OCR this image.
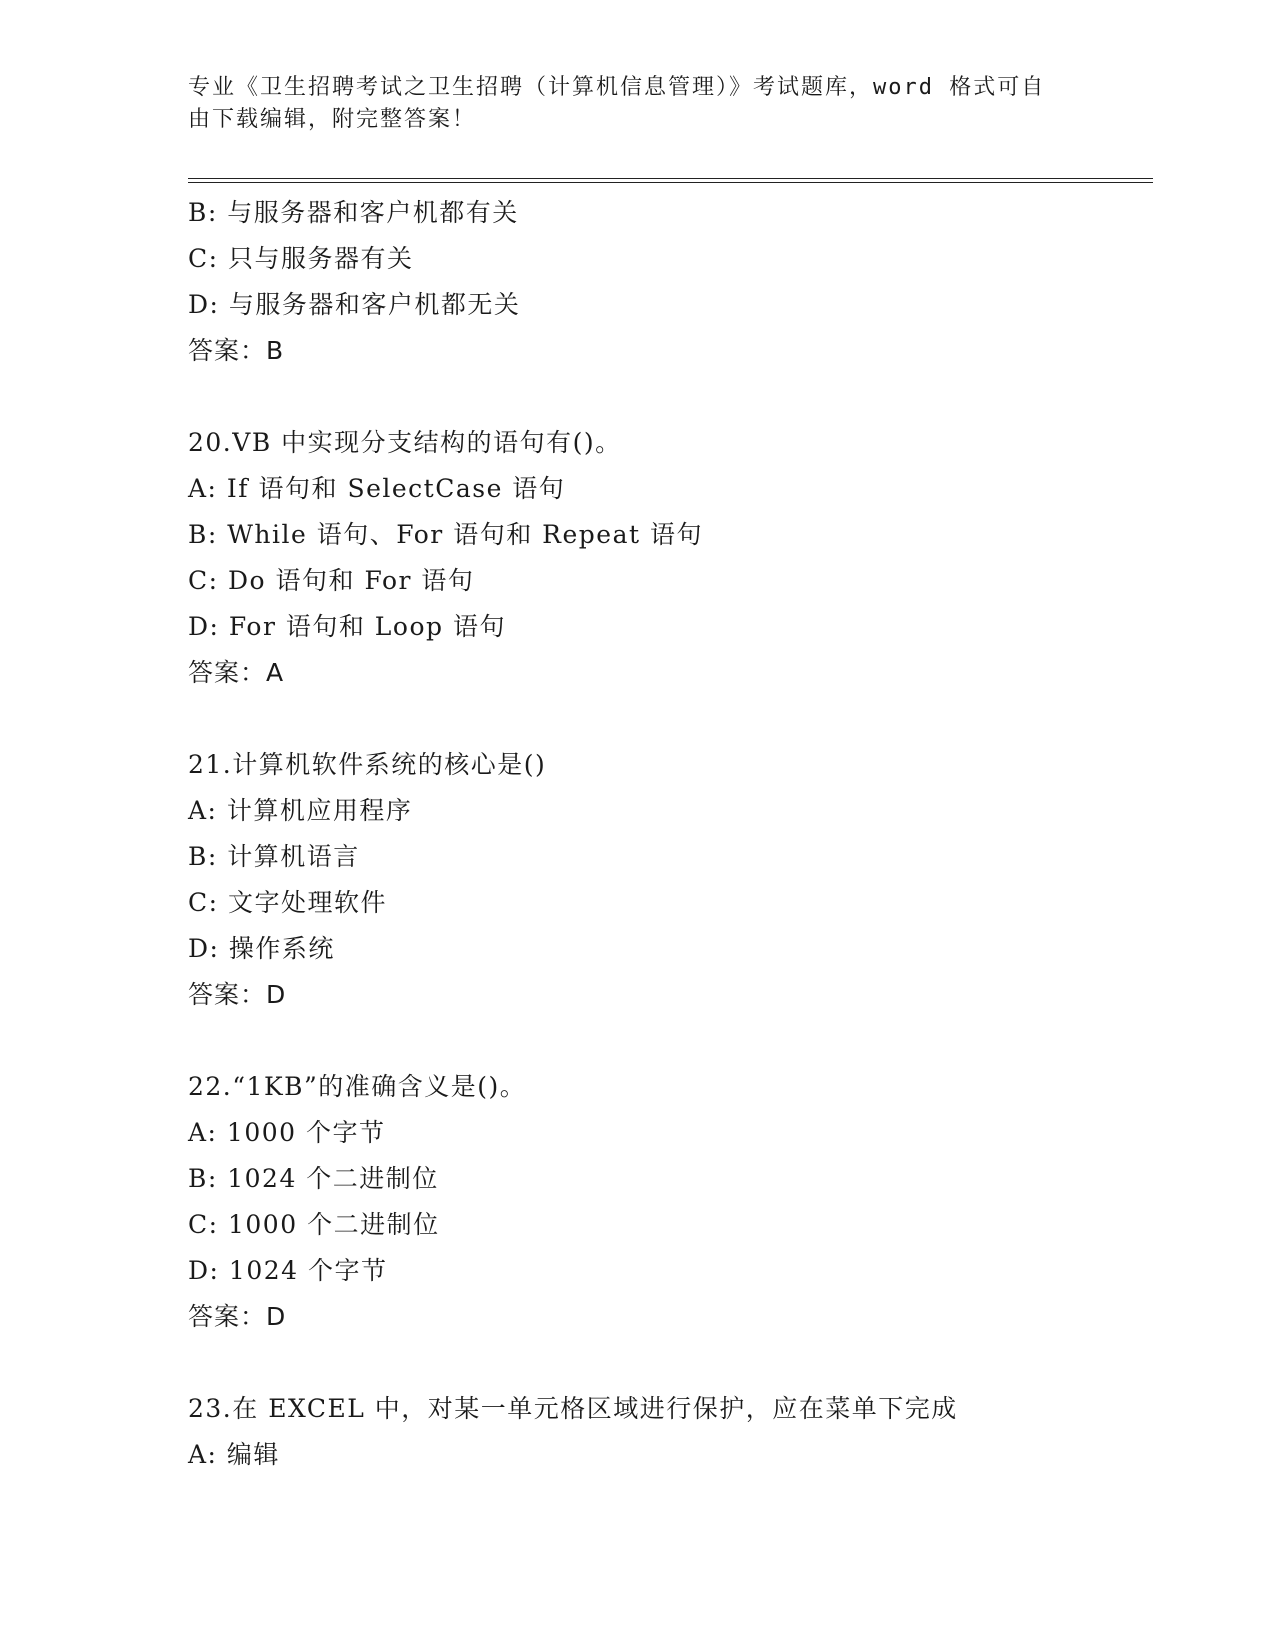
专业《卫生招聘考试之卫生招聘（计算机信息管理）》考试题库，word 格式可自
由下载编辑，附完整答案！
B: 与服务器和客户机都有关
C: 只与服务器有关
D: 与服务器和客户机都无关
答案：B
20.VB 中实现分支结构的语句有()。
A: If 语句和 SelectCase 语句
B: While 语句、For 语句和 Repeat 语句
C: Do 语句和 For 语句
D: For 语句和 Loop 语句
答案：A
21.计算机软件系统的核心是()
A: 计算机应用程序
B: 计算机语言
C: 文字处理软件
D: 操作系统
答案：D
22.“1KB”的准确含义是()。
A: 1000 个字节
B: 1024 个二进制位
C: 1000 个二进制位
D: 1024 个字节
答案：D
23.在 EXCEL 中，对某一单元格区域进行保护，应在菜单下完成
A: 编辑
